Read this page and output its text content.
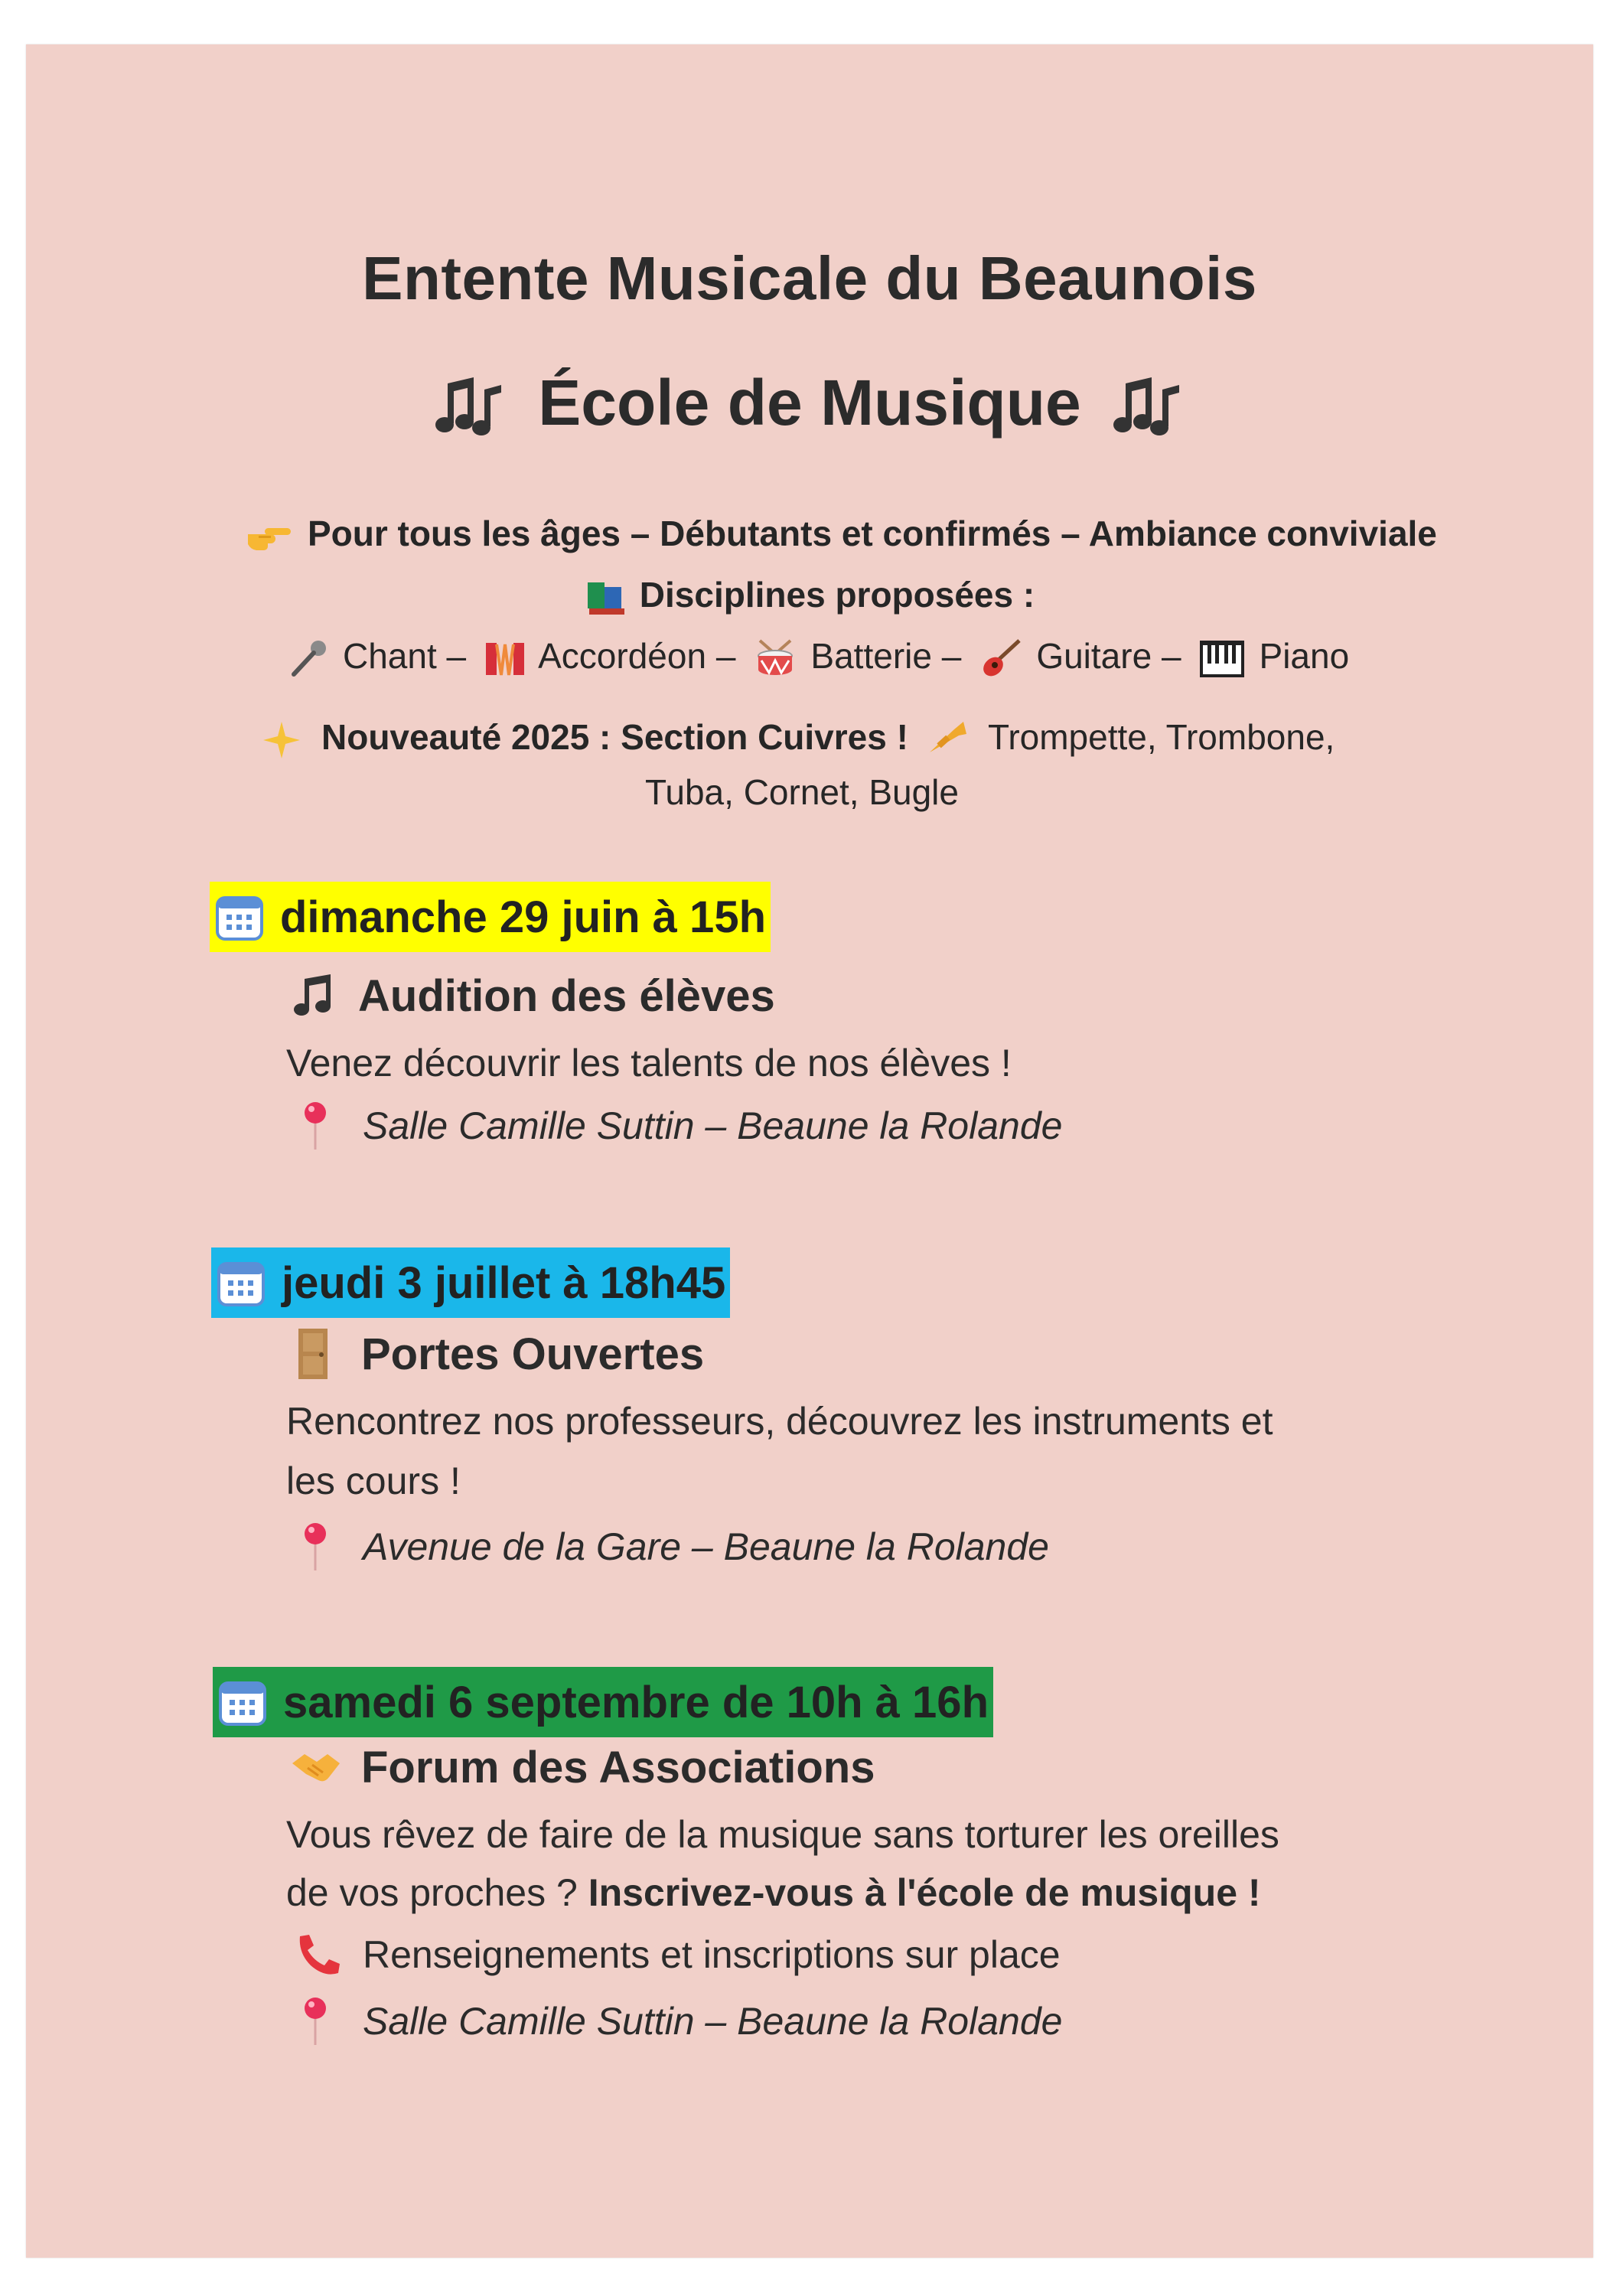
Entente Musicale du Beaunois
École de Musique
Pour tous les âges – Débutants et confirmés – Ambiance conviviale
Disciplines proposées :
Chant – Accordéon – Batterie – Guitare – Piano
Nouveauté 2025 : Section Cuivres ! Trompette, Trombone,
Tuba, Cornet, Bugle
dimanche 29 juin à 15h
Audition des élèves
Venez découvrir les talents de nos élèves !
Salle Camille Suttin – Beaune la Rolande
jeudi 3 juillet à 18h45
Portes Ouvertes
Rencontrez nos professeurs, découvrez les instruments et
les cours !
Avenue de la Gare – Beaune la Rolande
samedi 6 septembre de 10h à 16h
Forum des Associations
Vous rêvez de faire de la musique sans torturer les oreilles
de vos proches ? Inscrivez-vous à l'école de musique !
Renseignements et inscriptions sur place
Salle Camille Suttin – Beaune la Rolande
